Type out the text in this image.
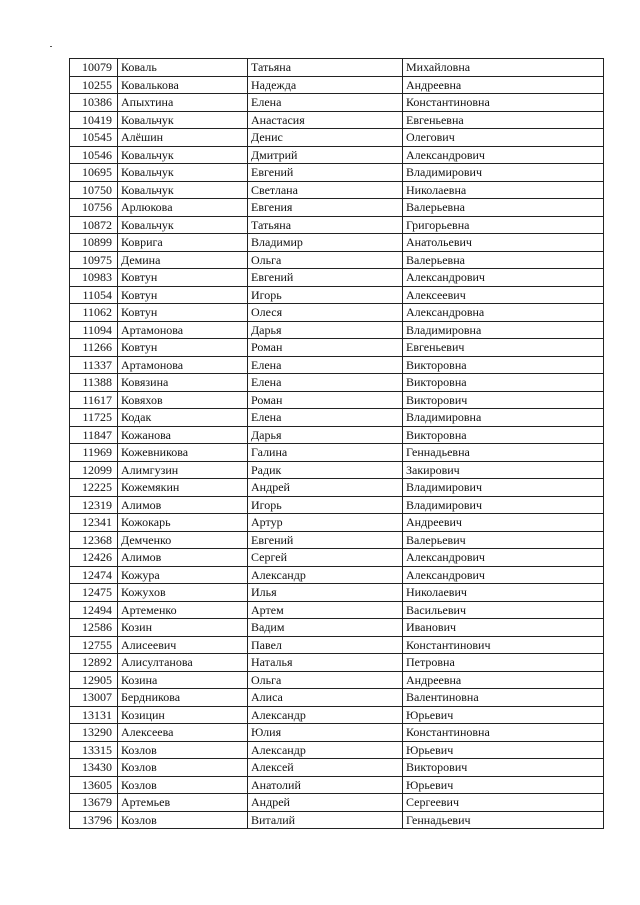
10079	Коваль	Татьяна	Михайловна
10255	Ковалькова	Надежда	Андреевна
10386	Апыхтина	Елена	Константиновна
10419	Ковальчук	Анастасия	Евгеньевна
10545	Алёшин	Денис	Олегович
10546	Ковальчук	Дмитрий	Александрович
10695	Ковальчук	Евгений	Владимирович
10750	Ковальчук	Светлана	Николаевна
10756	Арлюкова	Евгения	Валерьевна
10872	Ковальчук	Татьяна	Григорьевна
10899	Коврига	Владимир	Анатольевич
10975	Демина	Ольга	Валерьевна
10983	Ковтун	Евгений	Александрович
11054	Ковтун	Игорь	Алексеевич
11062	Ковтун	Олеся	Александровна
11094	Артамонова	Дарья	Владимировна
11266	Ковтун	Роман	Евгеньевич
11337	Артамонова	Елена	Викторовна
11388	Ковязина	Елена	Викторовна
11617	Ковяхов	Роман	Викторович
11725	Кодак	Елена	Владимировна
11847	Кожанова	Дарья	Викторовна
11969	Кожевникова	Галина	Геннадьевна
12099	Алимгузин	Радик	Закирович
12225	Кожемякин	Андрей	Владимирович
12319	Алимов	Игорь	Владимирович
12341	Кожокарь	Артур	Андреевич
12368	Демченко	Евгений	Валерьевич
12426	Алимов	Сергей	Александрович
12474	Кожура	Александр	Александрович
12475	Кожухов	Илья	Николаевич
12494	Артеменко	Артем	Васильевич
12586	Козин	Вадим	Иванович
12755	Алисеевич	Павел	Константинович
12892	Алисултанова	Наталья	Петровна
12905	Козина	Ольга	Андреевна
13007	Бердникова	Алиса	Валентиновна
13131	Козицин	Александр	Юрьевич
13290	Алексеева	Юлия	Константиновна
13315	Козлов	Александр	Юрьевич
13430	Козлов	Алексей	Викторович
13605	Козлов	Анатолий	Юрьевич
13679	Артемьев	Андрей	Сергеевич
13796	Козлов	Виталий	Геннадьевич
